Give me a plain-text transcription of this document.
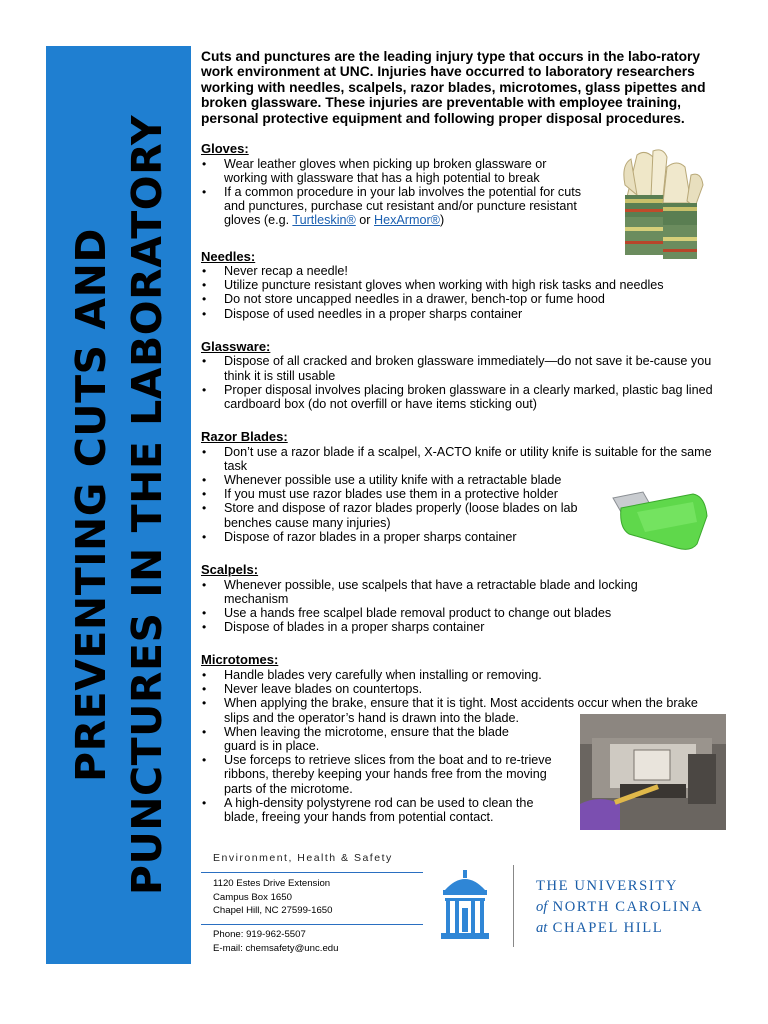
PREVENTING CUTS AND PUNCTURES IN THE LABORATORY

Cuts and punctures are the leading injury type that occurs in the labo-ratory work environment at UNC. Injuries have occurred to laboratory researchers working with needles, scalpels, razor blades, microtomes, glass pipettes and broken glassware. These injuries are preventable with employee training, personal protective equipment and following proper disposal procedures.

Gloves:
• Wear leather gloves when picking up broken glassware or working with glassware that has a high potential to break
• If a common procedure in your lab involves the potential for cuts and punctures, purchase cut resistant and/or puncture resistant gloves (e.g. Turtleskin® or HexArmor®)
Needles:
• Never recap a needle!
• Utilize puncture resistant gloves when working with high risk tasks and needles
• Do not store uncapped needles in a drawer, bench-top or fume hood
• Dispose of used needles in a proper sharps container
Glassware:
• Dispose of all cracked and broken glassware immediately—do not save it be-cause you think it is still usable
• Proper disposal involves placing broken glassware in a clearly marked, plastic bag lined cardboard box (do not overfill or have items sticking out)
Razor Blades:
• Don’t use a razor blade if a scalpel, X-ACTO knife or utility knife is suitable for the same task
• Whenever possible use a utility knife with a retractable blade
• If you must use razor blades use them in a protective holder
• Store and dispose of razor blades properly (loose blades on lab benches cause many injuries)
• Dispose of razor blades in a proper sharps container
Scalpels:
• Whenever possible, use scalpels that have a retractable blade and locking mechanism
• Use a hands free scalpel blade removal product to change out blades
• Dispose of blades in a proper sharps container
Microtomes:
• Handle blades very carefully when installing or removing.
• Never leave blades on countertops.
• When applying the brake, ensure that it is tight. Most accidents occur when the brake slips and the operator’s hand is drawn into the blade.
• When leaving the microtome, ensure that the blade guard is in place.
• Use forceps to retrieve slices from the boat and to re-trieve ribbons, thereby keeping your hands free from the moving parts of the microtome.
• A high-density polystyrene rod can be used to clean the blade, freeing your hands from potential contact.
Environment, Health & Safety
1120 Estes Drive Extension
Campus Box 1650
Chapel Hill, NC 27599-1650
Phone: 919-962-5507
E-mail: chemsafety@unc.edu
THE UNIVERSITY
of NORTH CAROLINA
at CHAPEL HILL
